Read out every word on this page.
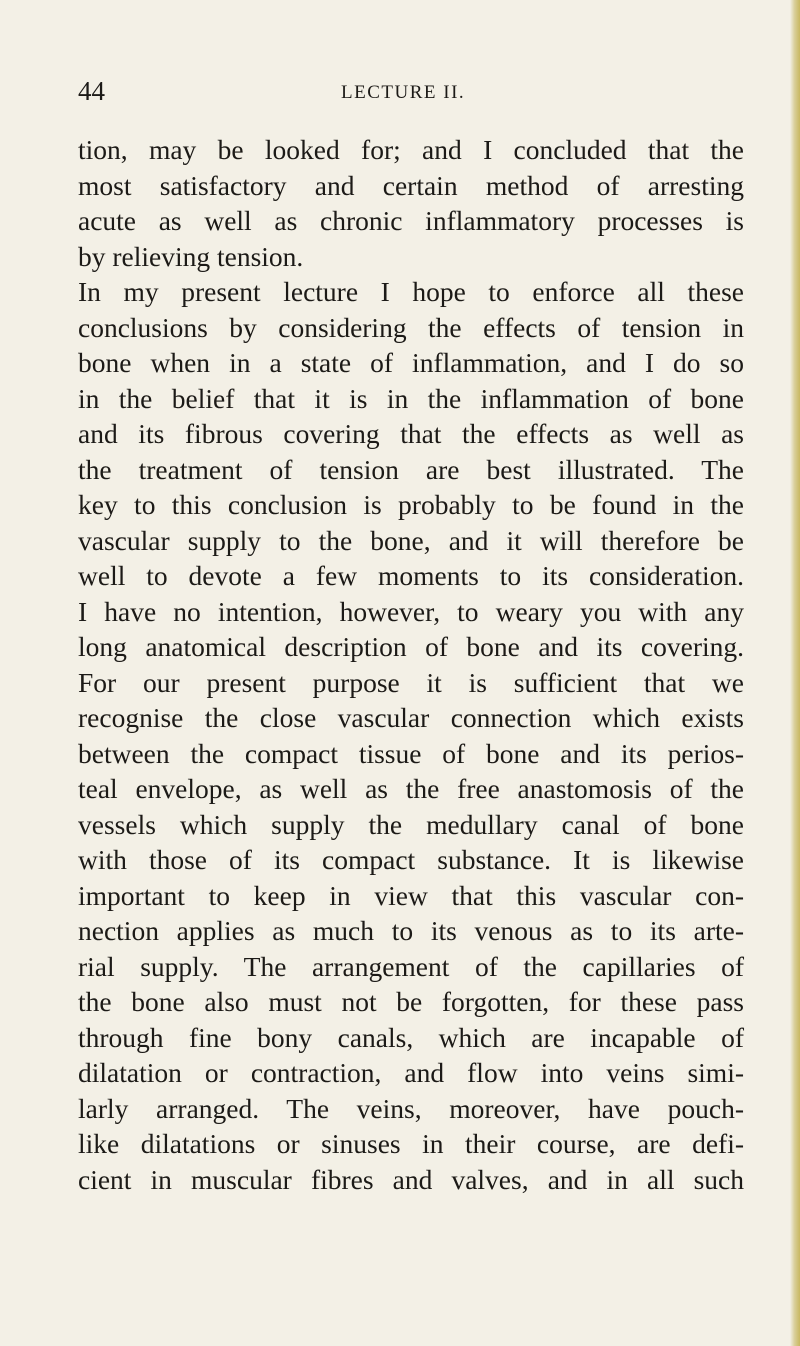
44	LECTURE II.
tion, may be looked for; and I concluded that the
most satisfactory and certain method of arresting
acute as well as chronic inflammatory processes is
by relieving tension.
In my present lecture I hope to enforce all these
conclusions by considering the effects of tension in
bone when in a state of inflammation, and I do so
in the belief that it is in the inflammation of bone
and its fibrous covering that the effects as well as
the treatment of tension are best illustrated. The
key to this conclusion is probably to be found in the
vascular supply to the bone, and it will therefore be
well to devote a few moments to its consideration.
I have no intention, however, to weary you with any
long anatomical description of bone and its covering.
For our present purpose it is sufficient that we
recognise the close vascular connection which exists
between the compact tissue of bone and its perios-
teal envelope, as well as the free anastomosis of the
vessels which supply the medullary canal of bone
with those of its compact substance. It is likewise
important to keep in view that this vascular con-
nection applies as much to its venous as to its arte-
rial supply. The arrangement of the capillaries of
the bone also must not be forgotten, for these pass
through fine bony canals, which are incapable of
dilatation or contraction, and flow into veins simi-
larly arranged. The veins, moreover, have pouch-
like dilatations or sinuses in their course, are defi-
cient in muscular fibres and valves, and in all such
